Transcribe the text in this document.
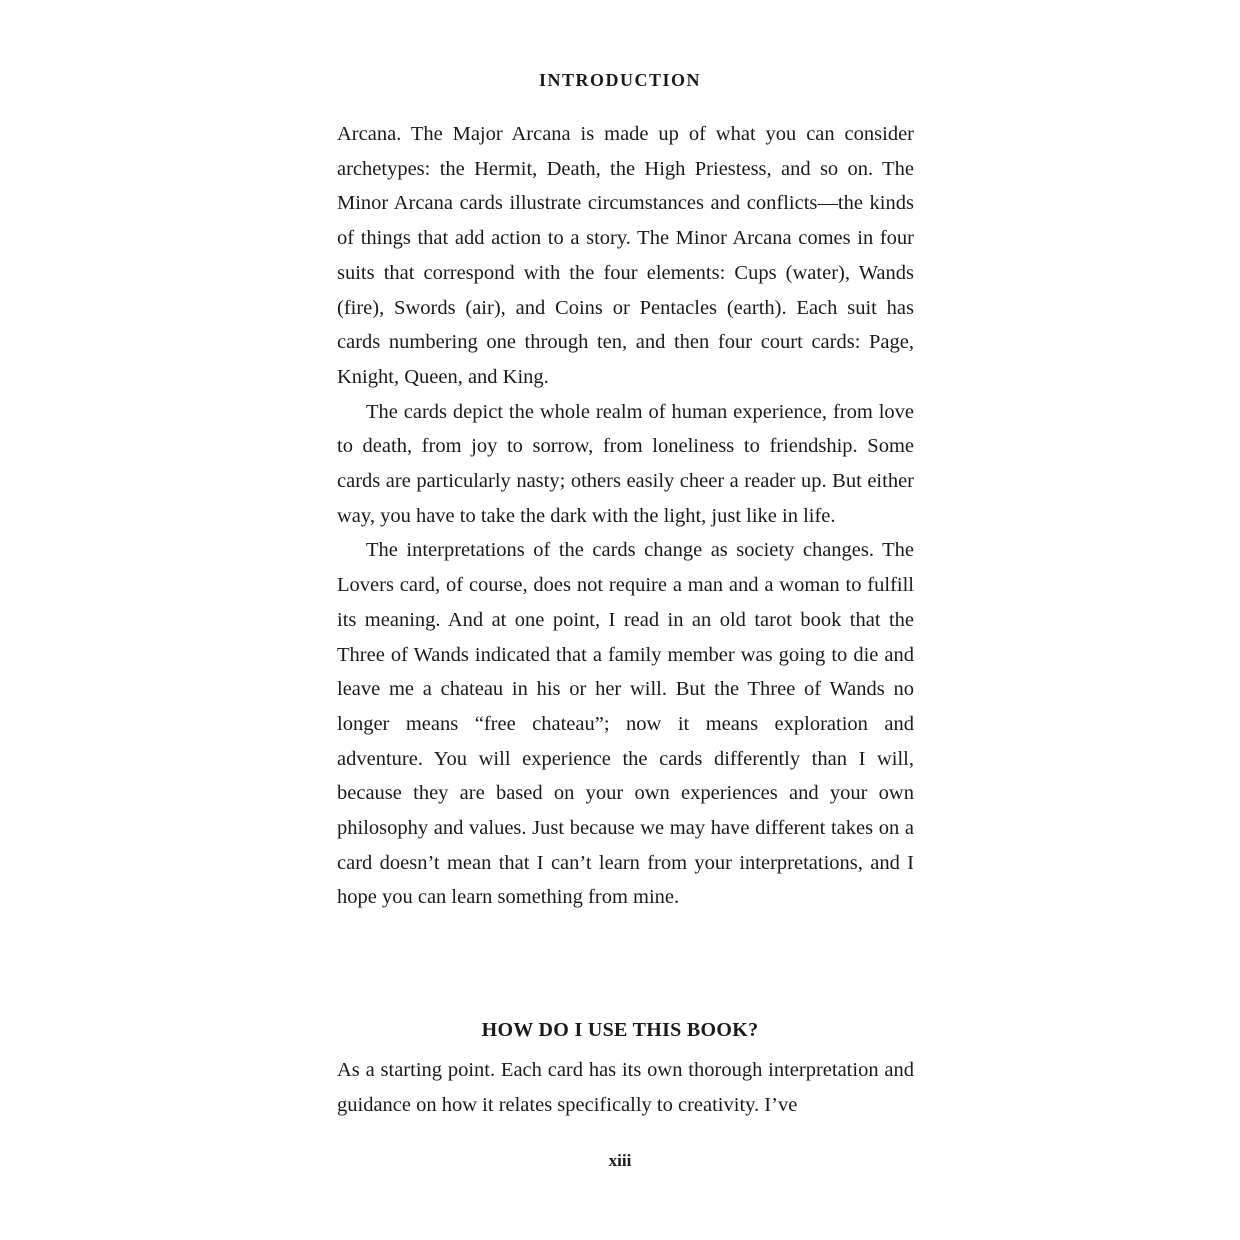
INTRODUCTION

Arcana. The Major Arcana is made up of what you can consider archetypes: the Hermit, Death, the High Priestess, and so on. The Minor Arcana cards illustrate circumstances and conflicts—the kinds of things that add action to a story. The Minor Arcana comes in four suits that correspond with the four elements: Cups (water), Wands (fire), Swords (air), and Coins or Pentacles (earth). Each suit has cards numbering one through ten, and then four court cards: Page, Knight, Queen, and King.

The cards depict the whole realm of human experience, from love to death, from joy to sorrow, from loneliness to friendship. Some cards are particularly nasty; others easily cheer a reader up. But either way, you have to take the dark with the light, just like in life.

The interpretations of the cards change as society changes. The Lovers card, of course, does not require a man and a woman to fulfill its meaning. And at one point, I read in an old tarot book that the Three of Wands indicated that a family member was going to die and leave me a chateau in his or her will. But the Three of Wands no longer means “free chateau”; now it means exploration and adventure. You will experience the cards differently than I will, because they are based on your own experiences and your own philosophy and values. Just because we may have different takes on a card doesn’t mean that I can’t learn from your interpretations, and I hope you can learn something from mine.

HOW DO I USE THIS BOOK?

As a starting point. Each card has its own thorough interpretation and guidance on how it relates specifically to creativity. I’ve

xiii
